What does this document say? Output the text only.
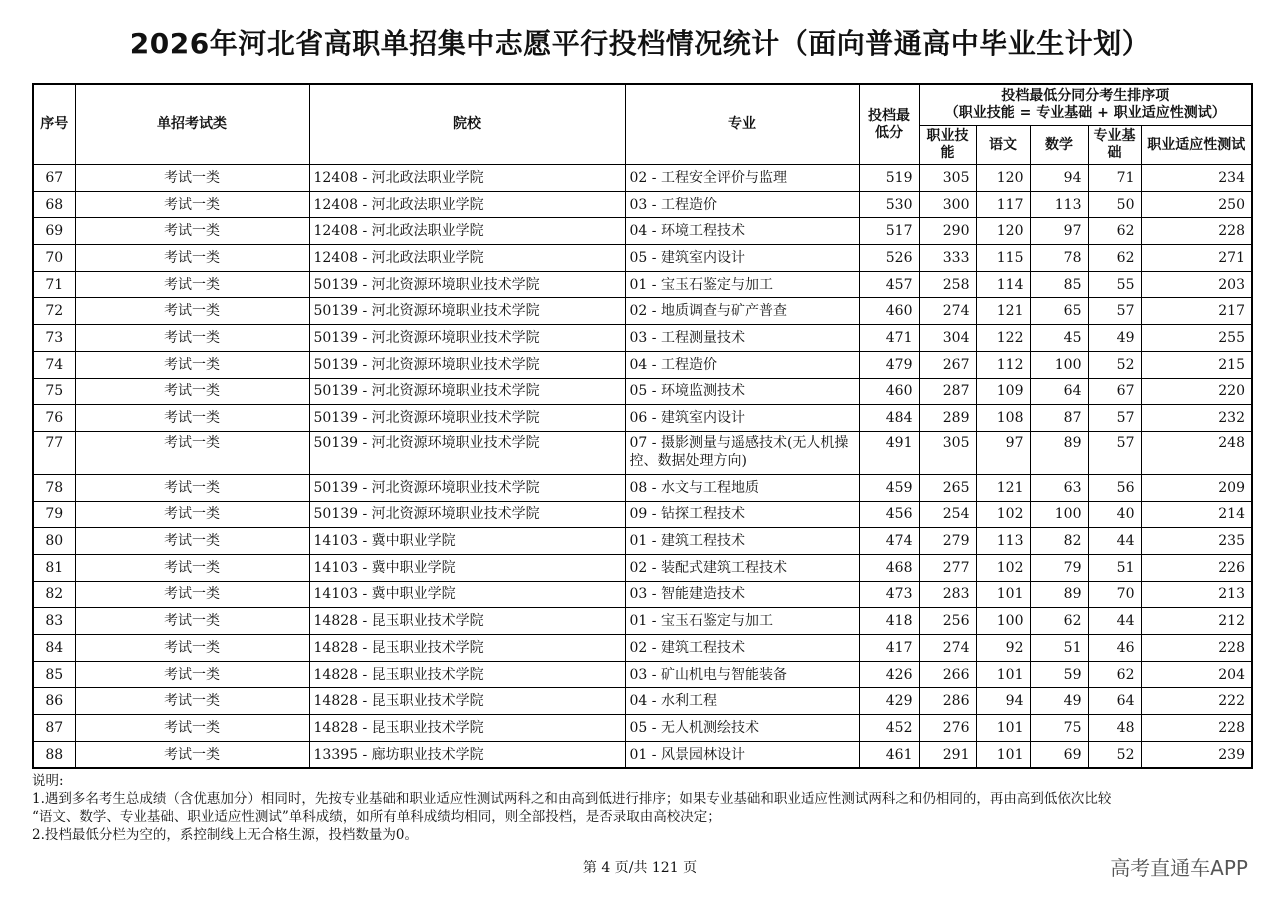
2026年河北省高职单招集中志愿平行投档情况统计（面向普通高中毕业生计划）
序号	单招考试类	院校	专业	投档最低分	投档最低分同分考生排序项
（职业技能 = 专业基础 + 职业适应性测试）				

					职业技能	语文	数学	专业基础	职业适应性测试
67	考试一类	12408 - 河北政法职业学院	02 - 工程安全评价与监理	519	305	120	94	71	234
68	考试一类	12408 - 河北政法职业学院	03 - 工程造价	530	300	117	113	50	250
69	考试一类	12408 - 河北政法职业学院	04 - 环境工程技术	517	290	120	97	62	228
70	考试一类	12408 - 河北政法职业学院	05 - 建筑室内设计	526	333	115	78	62	271
71	考试一类	50139 - 河北资源环境职业技术学院	01 - 宝玉石鉴定与加工	457	258	114	85	55	203
72	考试一类	50139 - 河北资源环境职业技术学院	02 - 地质调查与矿产普查	460	274	121	65	57	217
73	考试一类	50139 - 河北资源环境职业技术学院	03 - 工程测量技术	471	304	122	45	49	255
74	考试一类	50139 - 河北资源环境职业技术学院	04 - 工程造价	479	267	112	100	52	215
75	考试一类	50139 - 河北资源环境职业技术学院	05 - 环境监测技术	460	287	109	64	67	220
76	考试一类	50139 - 河北资源环境职业技术学院	06 - 建筑室内设计	484	289	108	87	57	232
77	考试一类	50139 - 河北资源环境职业技术学院	07 - 摄影测量与遥感技术(无人机操控、数据处理方向)	491	305	97	89	57	248
78	考试一类	50139 - 河北资源环境职业技术学院	08 - 水文与工程地质	459	265	121	63	56	209
79	考试一类	50139 - 河北资源环境职业技术学院	09 - 钻探工程技术	456	254	102	100	40	214
80	考试一类	14103 - 冀中职业学院	01 - 建筑工程技术	474	279	113	82	44	235
81	考试一类	14103 - 冀中职业学院	02 - 装配式建筑工程技术	468	277	102	79	51	226
82	考试一类	14103 - 冀中职业学院	03 - 智能建造技术	473	283	101	89	70	213
83	考试一类	14828 - 昆玉职业技术学院	01 - 宝玉石鉴定与加工	418	256	100	62	44	212
84	考试一类	14828 - 昆玉职业技术学院	02 - 建筑工程技术	417	274	92	51	46	228
85	考试一类	14828 - 昆玉职业技术学院	03 - 矿山机电与智能装备	426	266	101	59	62	204
86	考试一类	14828 - 昆玉职业技术学院	04 - 水利工程	429	286	94	49	64	222
87	考试一类	14828 - 昆玉职业技术学院	05 - 无人机测绘技术	452	276	101	75	48	228
88	考试一类	13395 - 廊坊职业技术学院	01 - 风景园林设计	461	291	101	69	52	239
说明:
1.遇到多名考生总成绩（含优惠加分）相同时，先按专业基础和职业适应性测试两科之和由高到低进行排序；如果专业基础和职业适应性测试两科之和仍相同的，再由高到低依次比较
“语文、数学、专业基础、职业适应性测试”单科成绩，如所有单科成绩均相同，则全部投档，是否录取由高校决定；
2.投档最低分栏为空的，系控制线上无合格生源，投档数量为0。
第 4 页/共 121 页	高考直通车APP
